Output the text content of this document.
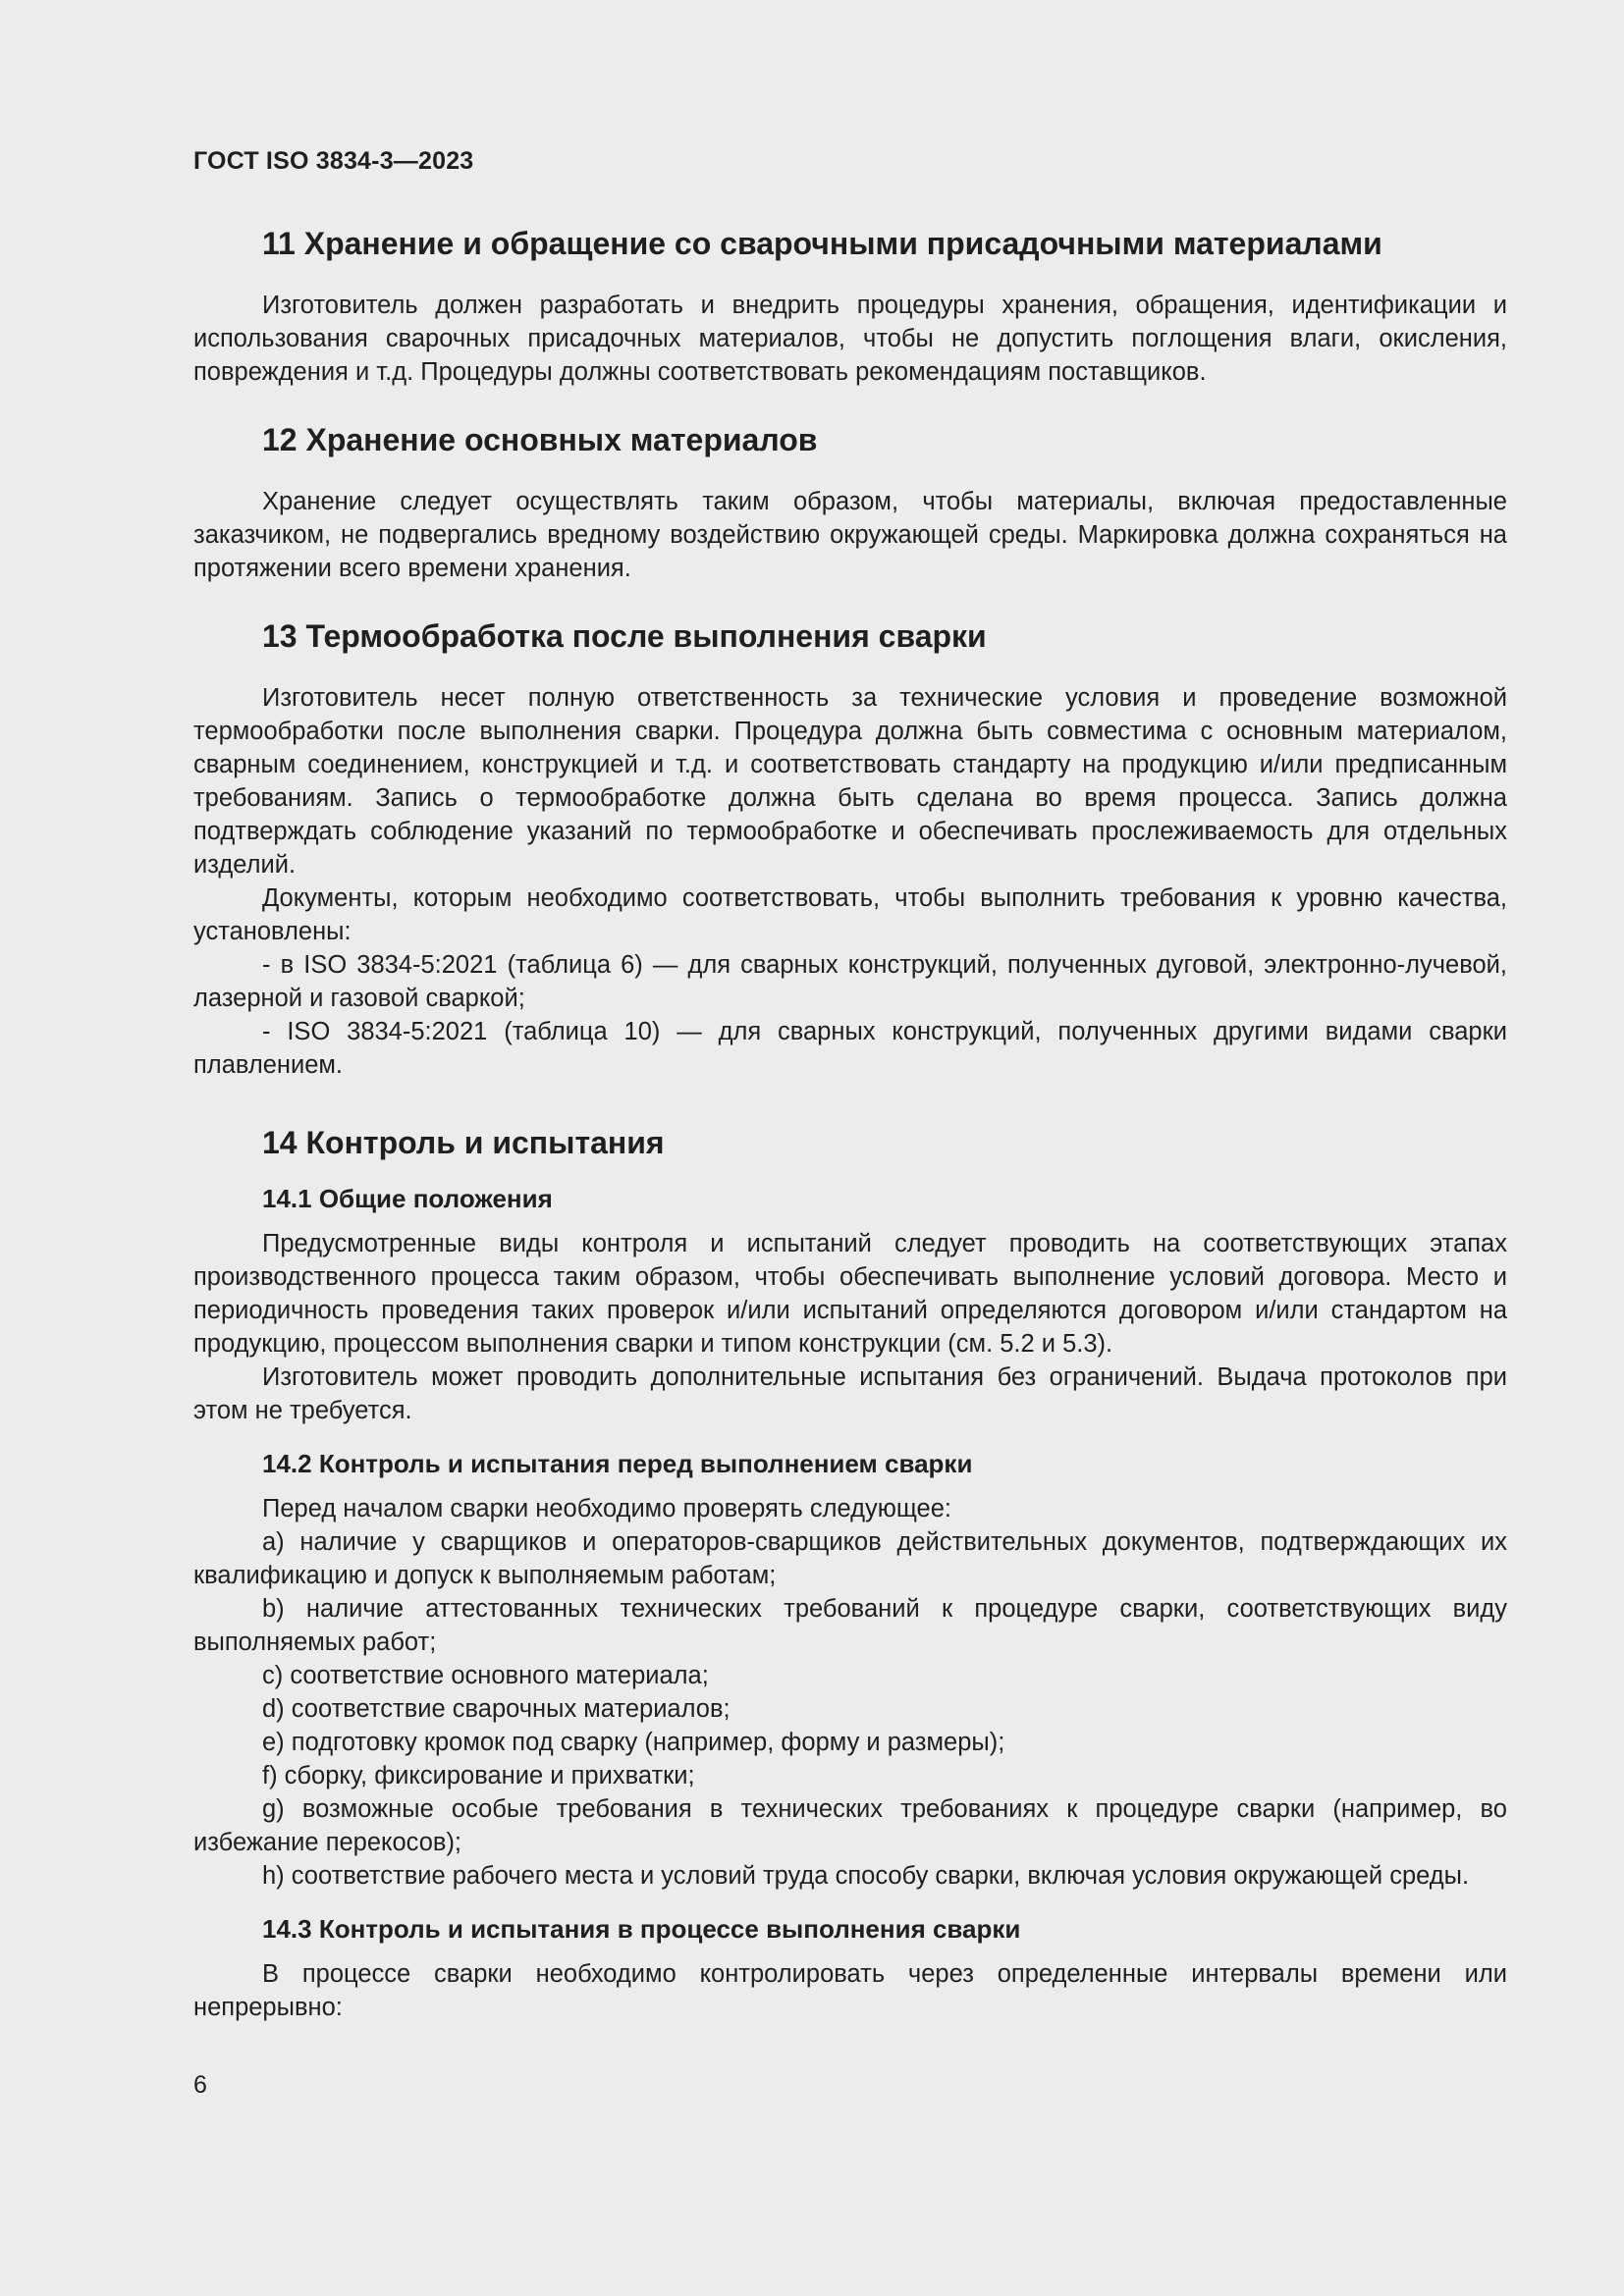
ГОСТ ISO 3834-3—2023
11 Хранение и обращение со сварочными присадочными материалами

Изготовитель должен разработать и внедрить процедуры хранения, обращения, идентификации и использования сварочных присадочных материалов, чтобы не допустить поглощения влаги, окисления, повреждения и т.д. Процедуры должны соответствовать рекомендациям поставщиков.

12 Хранение основных материалов

Хранение следует осуществлять таким образом, чтобы материалы, включая предоставленные заказчиком, не подвергались вредному воздействию окружающей среды. Маркировка должна сохраняться на протяжении всего времени хранения.

13 Термообработка после выполнения сварки

Изготовитель несет полную ответственность за технические условия и проведение возможной термообработки после выполнения сварки. Процедура должна быть совместима с основным материалом, сварным соединением, конструкцией и т.д. и соответствовать стандарту на продукцию и/или предписанным требованиям. Запись о термообработке должна быть сделана во время процесса. Запись должна подтверждать соблюдение указаний по термообработке и обеспечивать прослеживаемость для отдельных изделий.

Документы, которым необходимо соответствовать, чтобы выполнить требования к уровню качества, установлены:

- в ISO 3834-5:2021 (таблица 6) — для сварных конструкций, полученных дуговой, электронно-лучевой, лазерной и газовой сваркой;

- ISO 3834-5:2021 (таблица 10) — для сварных конструкций, полученных другими видами сварки плавлением.

14 Контроль и испытания
14.1 Общие положения

Предусмотренные виды контроля и испытаний следует проводить на соответствующих этапах производственного процесса таким образом, чтобы обеспечивать выполнение условий договора. Место и периодичность проведения таких проверок и/или испытаний определяются договором и/или стандартом на продукцию, процессом выполнения сварки и типом конструкции (см. 5.2 и 5.3).

Изготовитель может проводить дополнительные испытания без ограничений. Выдача протоколов при этом не требуется.

14.2 Контроль и испытания перед выполнением сварки

Перед началом сварки необходимо проверять следующее:

а) наличие у сварщиков и операторов-сварщиков действительных документов, подтверждающих их квалификацию и допуск к выполняемым работам;

b) наличие аттестованных технических требований к процедуре сварки, соответствующих виду выполняемых работ;

c) соответствие основного материала;

d) соответствие сварочных материалов;

e) подготовку кромок под сварку (например, форму и размеры);

f) сборку, фиксирование и прихватки;

g) возможные особые требования в технических требованиях к процедуре сварки (например, во избежание перекосов);

h) соответствие рабочего места и условий труда способу сварки, включая условия окружающей среды.

14.3 Контроль и испытания в процессе выполнения сварки

В процессе сварки необходимо контролировать через определенные интервалы времени или непрерывно:

6
